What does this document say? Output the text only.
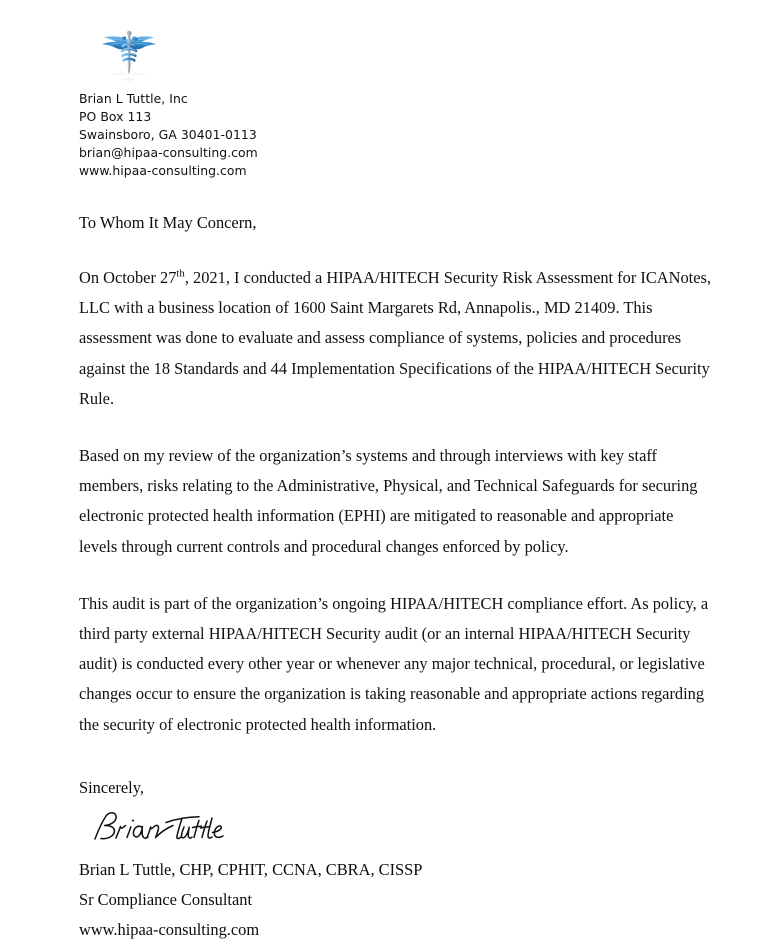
Brian L Tuttle, Inc
PO Box 113
Swainsboro, GA 30401-0113
brian@hipaa-consulting.com
www.hipaa-consulting.com

To Whom It May Concern,

On October 27th, 2021, I conducted a HIPAA/HITECH Security Risk Assessment for ICANotes, LLC with a business location of 1600 Saint Margarets Rd, Annapolis., MD 21409. This assessment was done to evaluate and assess compliance of systems, policies and procedures against the 18 Standards and 44 Implementation Specifications of the HIPAA/HITECH Security Rule.

Based on my review of the organization’s systems and through interviews with key staff members, risks relating to the Administrative, Physical, and Technical Safeguards for securing electronic protected health information (EPHI) are mitigated to reasonable and appropriate levels through current controls and procedural changes enforced by policy.

This audit is part of the organization’s ongoing HIPAA/HITECH compliance effort. As policy, a third party external HIPAA/HITECH Security audit (or an internal HIPAA/HITECH Security audit) is conducted every other year or whenever any major technical, procedural, or legislative changes occur to ensure the organization is taking reasonable and appropriate actions regarding the security of electronic protected health information.

Sincerely,

Brian L Tuttle, CHP, CPHIT, CCNA, CBRA, CISSP
Sr Compliance Consultant
www.hipaa-consulting.com
